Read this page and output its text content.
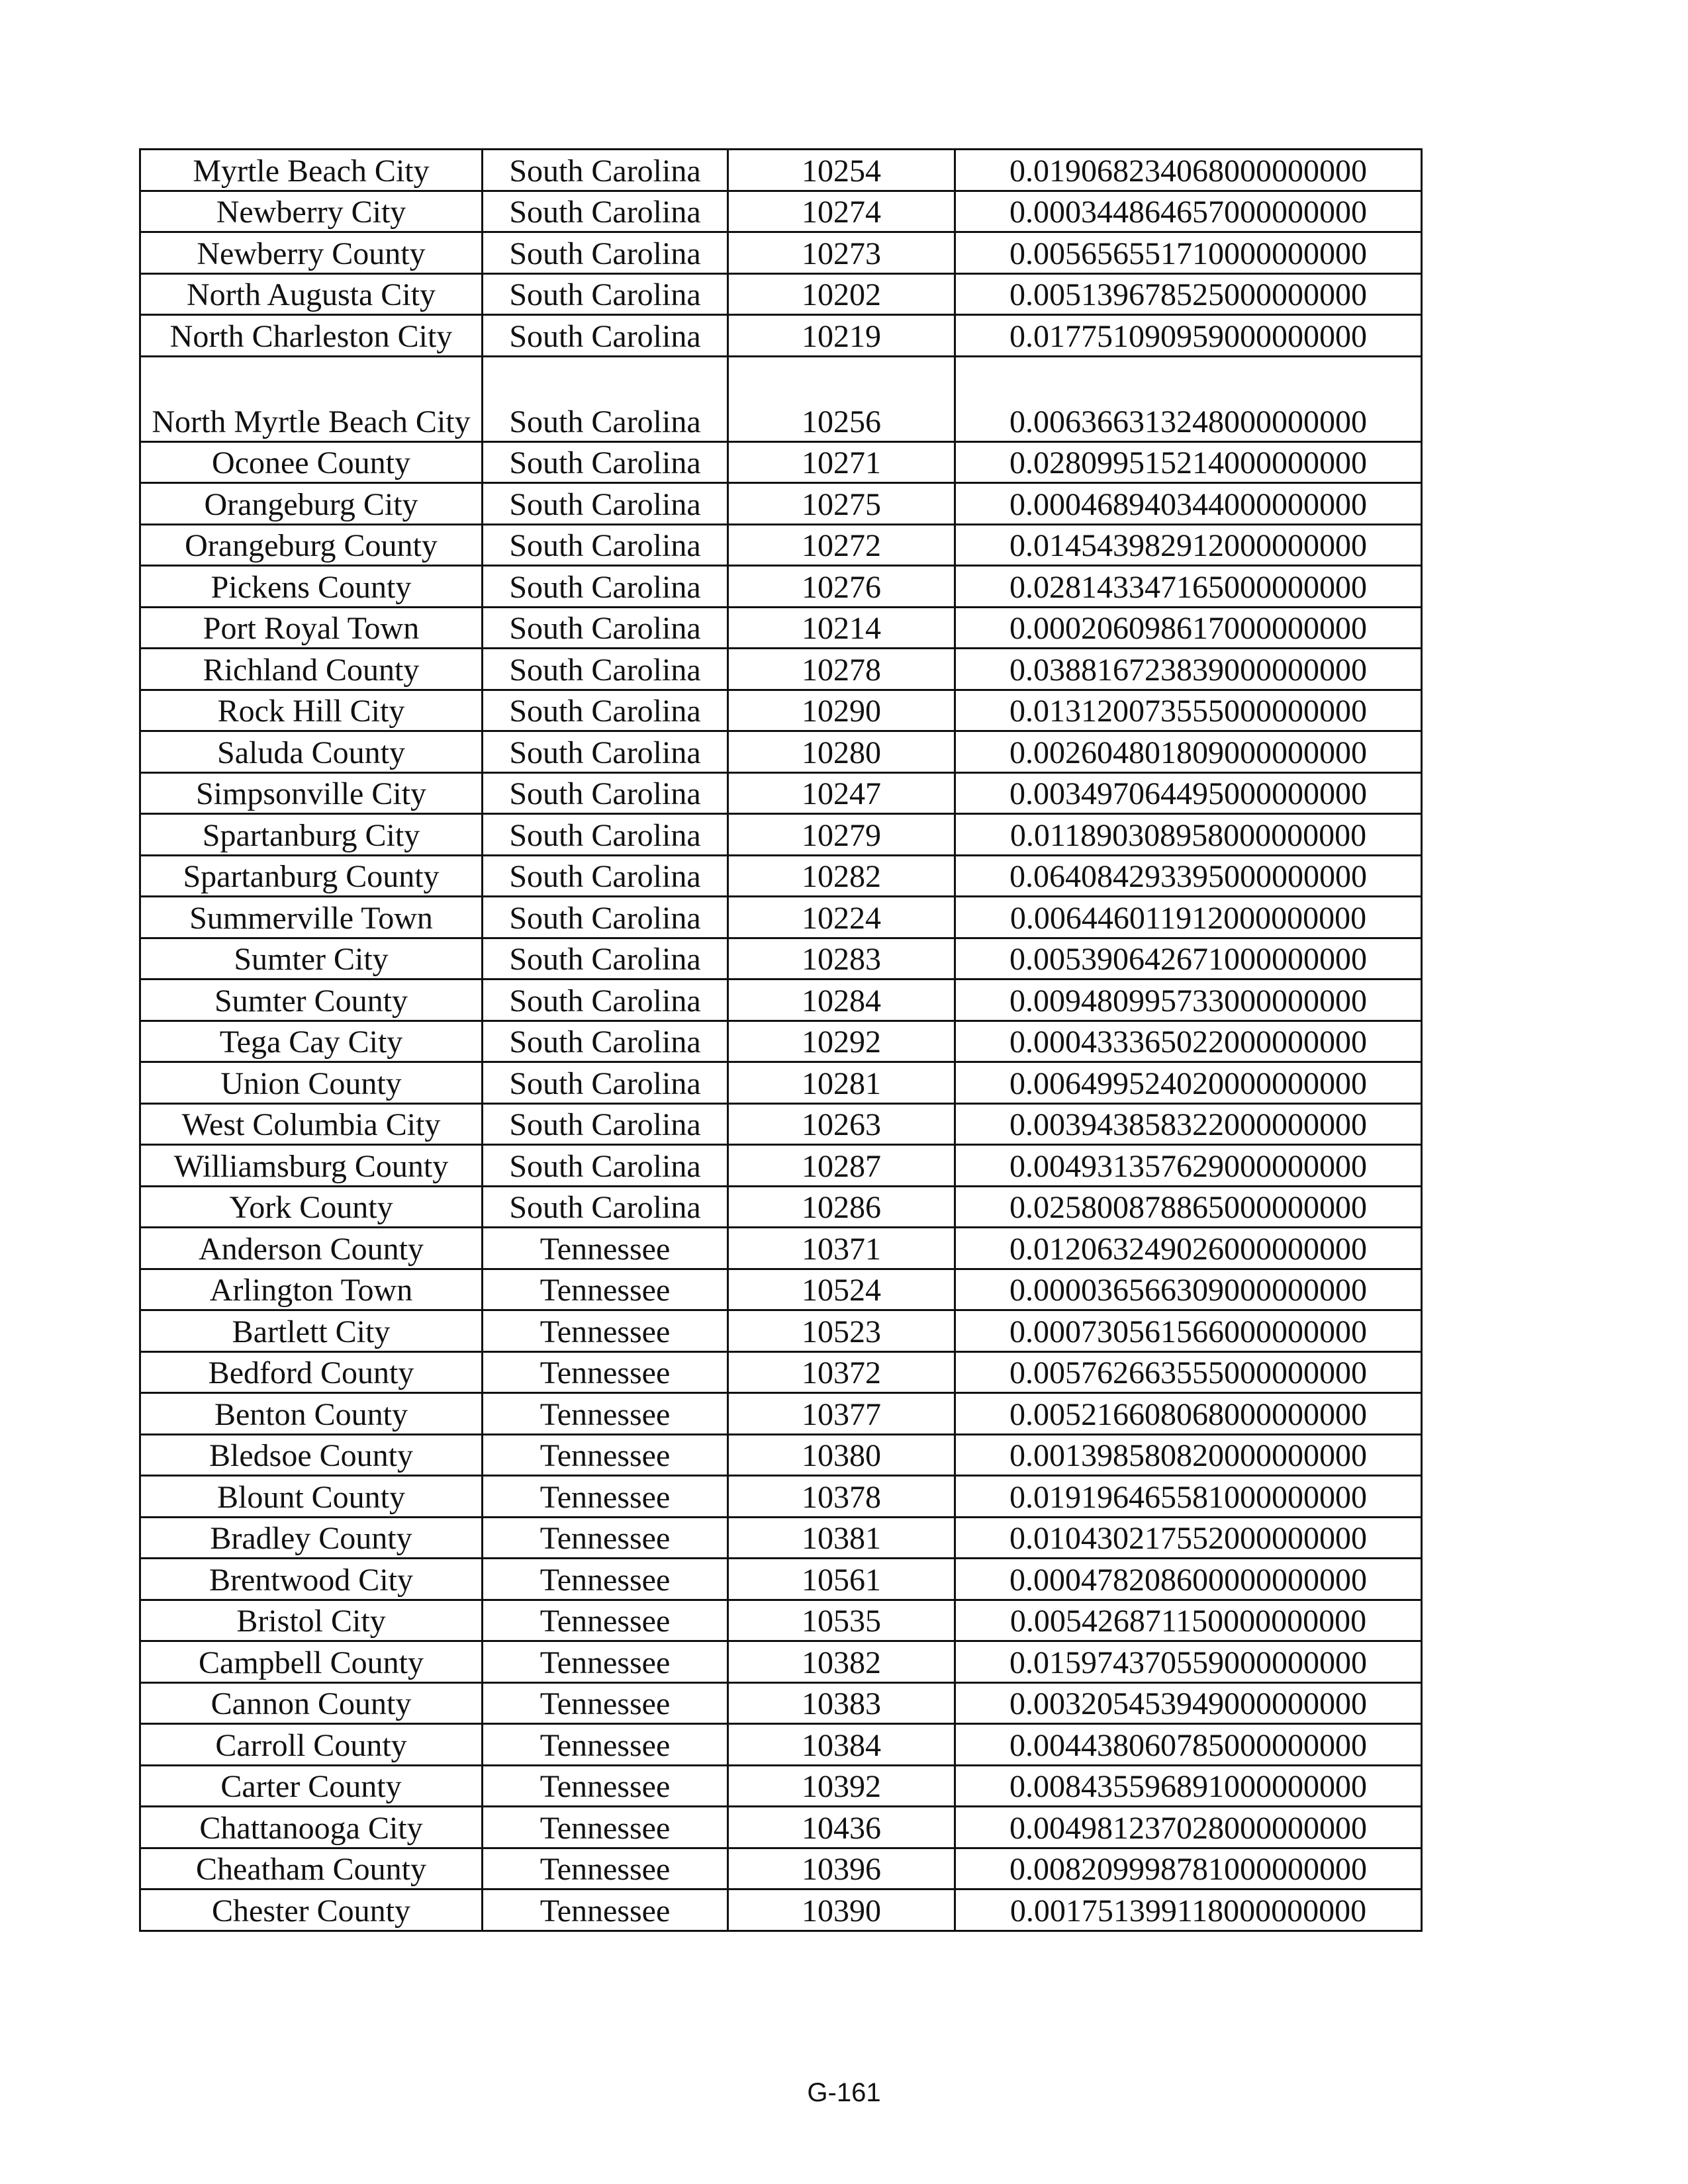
Myrtle Beach City	South Carolina	10254	0.019068234068000000000
Newberry City	South Carolina	10274	0.000344864657000000000
Newberry County	South Carolina	10273	0.005656551710000000000
North Augusta City	South Carolina	10202	0.005139678525000000000
North Charleston City	South Carolina	10219	0.017751090959000000000
North Myrtle Beach City	South Carolina	10256	0.006366313248000000000
Oconee County	South Carolina	10271	0.028099515214000000000
Orangeburg City	South Carolina	10275	0.000468940344000000000
Orangeburg County	South Carolina	10272	0.014543982912000000000
Pickens County	South Carolina	10276	0.028143347165000000000
Port Royal Town	South Carolina	10214	0.000206098617000000000
Richland County	South Carolina	10278	0.038816723839000000000
Rock Hill City	South Carolina	10290	0.013120073555000000000
Saluda County	South Carolina	10280	0.002604801809000000000
Simpsonville City	South Carolina	10247	0.003497064495000000000
Spartanburg City	South Carolina	10279	0.011890308958000000000
Spartanburg County	South Carolina	10282	0.064084293395000000000
Summerville Town	South Carolina	10224	0.006446011912000000000
Sumter City	South Carolina	10283	0.005390642671000000000
Sumter County	South Carolina	10284	0.009480995733000000000
Tega Cay City	South Carolina	10292	0.000433365022000000000
Union County	South Carolina	10281	0.006499524020000000000
West Columbia City	South Carolina	10263	0.003943858322000000000
Williamsburg County	South Carolina	10287	0.004931357629000000000
York County	South Carolina	10286	0.025800878865000000000
Anderson County	Tennessee	10371	0.012063249026000000000
Arlington Town	Tennessee	10524	0.000036566309000000000
Bartlett City	Tennessee	10523	0.000730561566000000000
Bedford County	Tennessee	10372	0.005762663555000000000
Benton County	Tennessee	10377	0.005216608068000000000
Bledsoe County	Tennessee	10380	0.001398580820000000000
Blount County	Tennessee	10378	0.019196465581000000000
Bradley County	Tennessee	10381	0.010430217552000000000
Brentwood City	Tennessee	10561	0.000478208600000000000
Bristol City	Tennessee	10535	0.005426871150000000000
Campbell County	Tennessee	10382	0.015974370559000000000
Cannon County	Tennessee	10383	0.003205453949000000000
Carroll County	Tennessee	10384	0.004438060785000000000
Carter County	Tennessee	10392	0.008435596891000000000
Chattanooga City	Tennessee	10436	0.004981237028000000000
Cheatham County	Tennessee	10396	0.008209998781000000000
Chester County	Tennessee	10390	0.001751399118000000000
G-161
